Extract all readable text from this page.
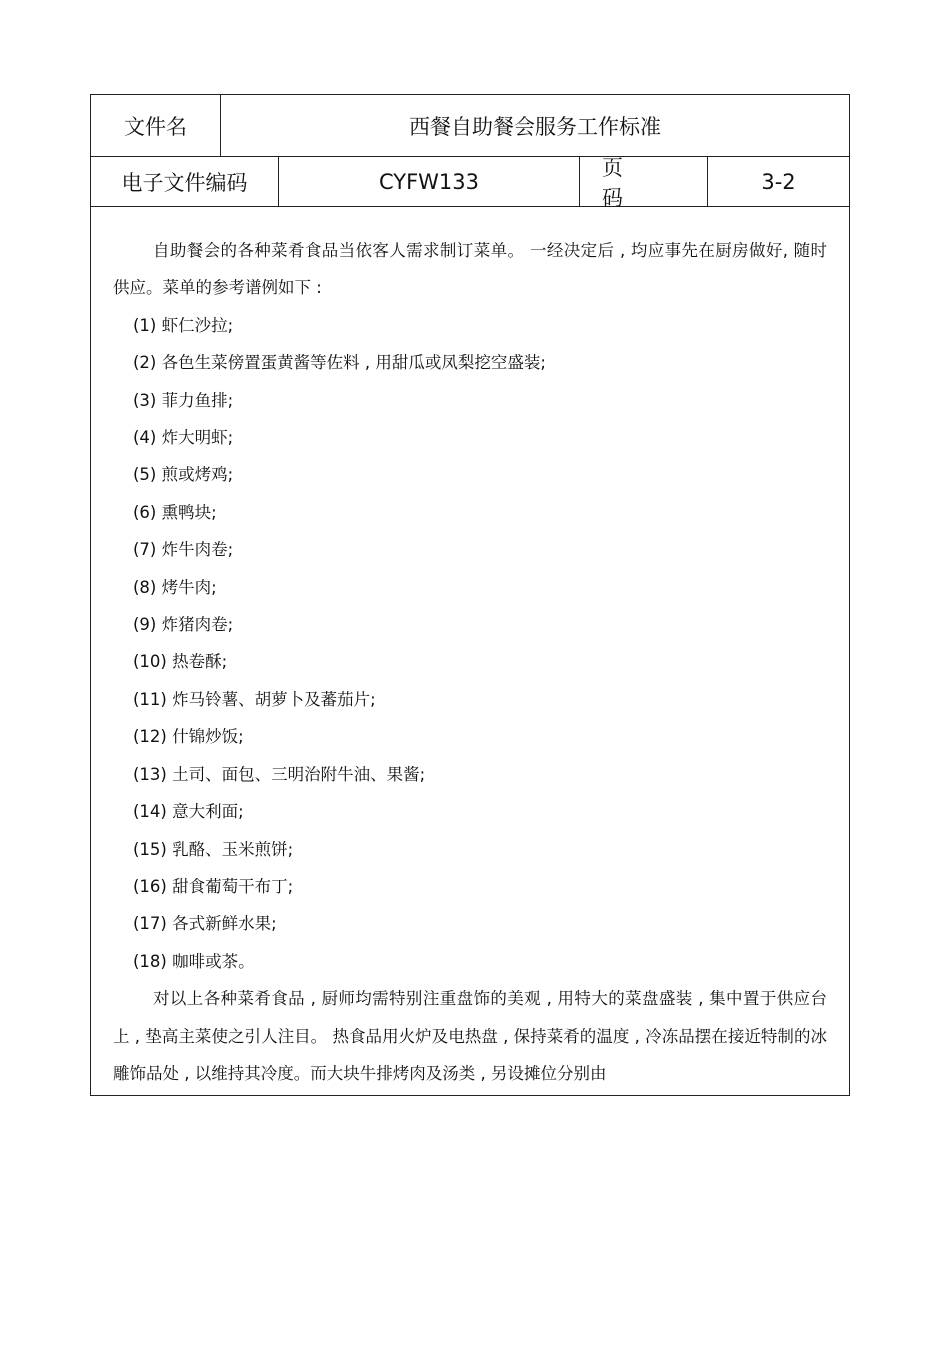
文件名	西餐自助餐会服务工作标准
电子文件编码	CYFW133
页 码
3-2

自助餐会的各种菜肴食品当依客人需求制订菜单。 一经决定后 , 均应事先在厨房做好, 随时供应。菜单的参考谱例如下 :

(1) 虾仁沙拉;
(2) 各色生菜傍置蛋黄酱等佐料 , 用甜瓜或凤梨挖空盛装;
(3) 菲力鱼排;
(4) 炸大明虾;
(5) 煎或烤鸡;
(6) 熏鸭块;
(7) 炸牛肉卷;
(8) 烤牛肉;
(9) 炸猪肉卷;
(10) 热卷酥;
(11) 炸马铃薯、胡萝卜及蕃茄片;
(12) 什锦炒饭;
(13) 土司、面包、三明治附牛油、果酱;
(14) 意大利面;
(15) 乳酪、玉米煎饼;
(16) 甜食葡萄干布丁;
(17) 各式新鲜水果;
(18) 咖啡或茶。

对以上各种菜肴食品 , 厨师均需特别注重盘饰的美观 , 用特大的菜盘盛装 , 集中置于供应台上 , 垫高主菜使之引人注目。 热食品用火炉及电热盘 , 保持菜肴的温度 , 冷冻品摆在接近特制的冰雕饰品处 , 以维持其冷度。而大块牛排烤肉及汤类 , 另设摊位分别由
